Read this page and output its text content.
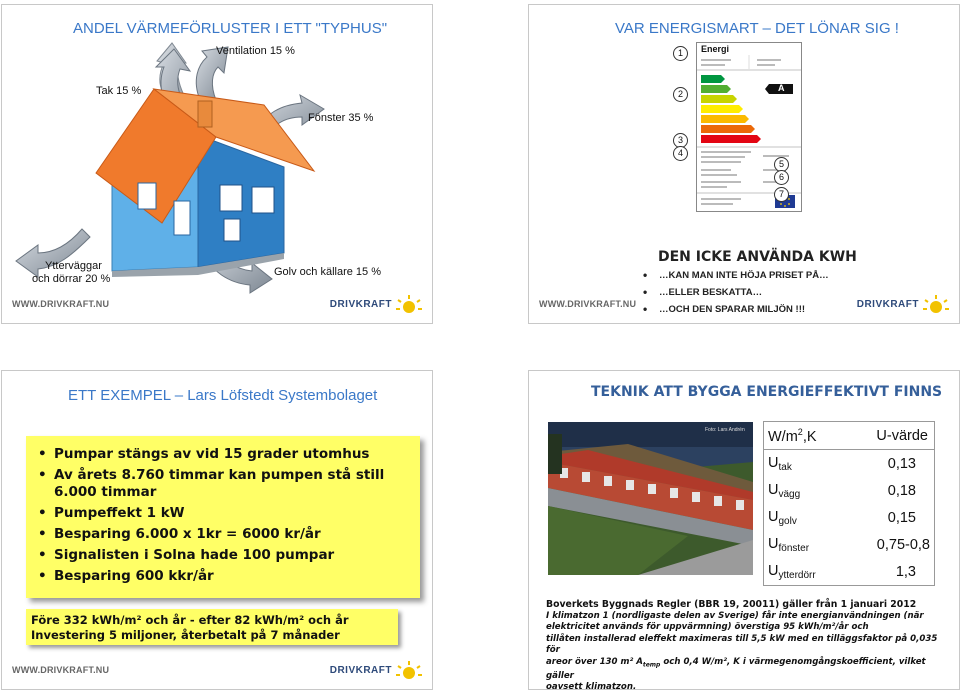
ANDEL VÄRMEFÖRLUSTER I ETT "TYPHUS"
Ventilation 15 %
Tak 15 %
Fönster 35 %
Ytterväggar
och dörrar 20 %
Golv och källare 15 %
WWW.DRIVKRAFT.NU	DRIVKRAFT
VAR ENERGISMART – DET LÖNAR SIG !
Energi
A
1
2
3
4
5
6
7
DEN ICKE ANVÄNDA KWH
• …KAN MAN INTE HÖJA PRISET PÅ…
• …ELLER BESKATTA…
• …OCH DEN SPARAR MILJÖN !!!
WWW.DRIVKRAFT.NU	DRIVKRAFT
ETT EXEMPEL – Lars Löfstedt Systembolaget
• Pumpar stängs av vid 15 grader utomhus
• Av årets 8.760 timmar kan pumpen stå still 6.000 timmar
• Pumpeffekt 1 kW
• Besparing 6.000 x 1kr = 6000 kr/år
• Signalisten i Solna hade 100 pumpar
• Besparing 600 kkr/år
Före 332 kWh/m² och år - efter 82 kWh/m² och år
Investering 5 miljoner, återbetalt på 7 månader
WWW.DRIVKRAFT.NU	DRIVKRAFT
TEKNIK ATT BYGGA ENERGIEFFEKTIVT FINNS
Foto: Lars Andrén $W/m^2,K$	U-värde
$U_{tak}$	0,13
$U_{vägg}$	0,18
$U_{golv}$	0,15
$U_{fönster}$	0,75-0,8
$U_{ytterdörr}$	1,3
Boverkets Byggnads Regler (BBR 19, 20011) gäller från 1 januari 2012
I klimatzon 1 (nordligaste delen av Sverige) får inte energianvändningen (när
elektricitet används för uppvärmning) överstiga 95 kWh/m²/år och
tillåten installerad eleffekt maximeras till 5,5 kW med en tilläggsfaktor på 0,035 för
areor över 130 m² $A_{temp}$ och 0,4 W/m², K i värmegenomgångskoefficient, vilket gäller
oavsett klimatzon.
